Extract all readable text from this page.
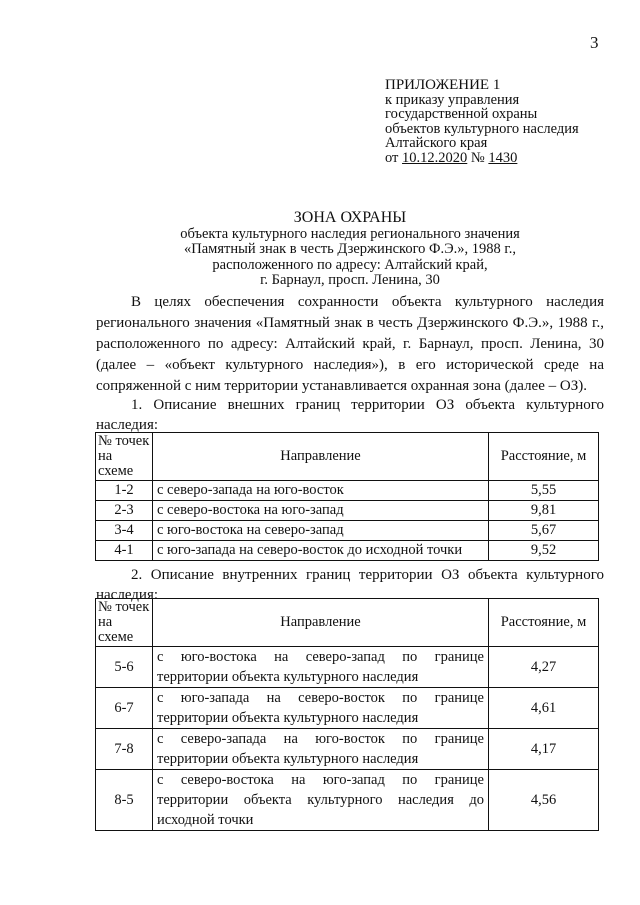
3
ПРИЛОЖЕНИЕ 1
к приказу управления
государственной охраны
объектов культурного наследия
Алтайского края
от 10.12.2020 № 1430
ЗОНА ОХРАНЫ
объекта культурного наследия регионального значения
«Памятный знак в честь Дзержинского Ф.Э.», 1988 г.,
расположенного по адресу: Алтайский край,
г. Барнаул, просп. Ленина, 30

В целях обеспечения сохранности объекта культурного наследия регионального значения «Памятный знак в честь Дзержинского Ф.Э.», 1988 г., расположенного по адресу: Алтайский край, г. Барнаул, просп. Ленина, 30 (далее – «объект культурного наследия»), в его исторической среде на сопряженной с ним территории устанавливается охранная зона (далее – ОЗ).

1. Описание внешних границ территории ОЗ объекта культурного наследия:

№ точек на схеме	Направление	Расстояние, м
1-2	с северо-запада на юго-восток	5,55
2-3	с северо-востока на юго-запад	9,81
3-4	с юго-востока на северо-запад	5,67
4-1	с юго-запада на северо-восток до исходной точки	9,52

2. Описание внутренних границ территории ОЗ объекта культурного наследия:

№ точек на схеме	Направление	Расстояние, м
5-6	с юго-востока на северо-запад по границе территории объекта культурного наследия	4,27
6-7	с юго-запада на северо-восток по границе территории объекта культурного наследия	4,61
7-8	с северо-запада на юго-восток по границе территории объекта культурного наследия	4,17
8-5	с северо-востока на юго-запад по границе территории объекта культурного наследия до исходной точки	4,56
